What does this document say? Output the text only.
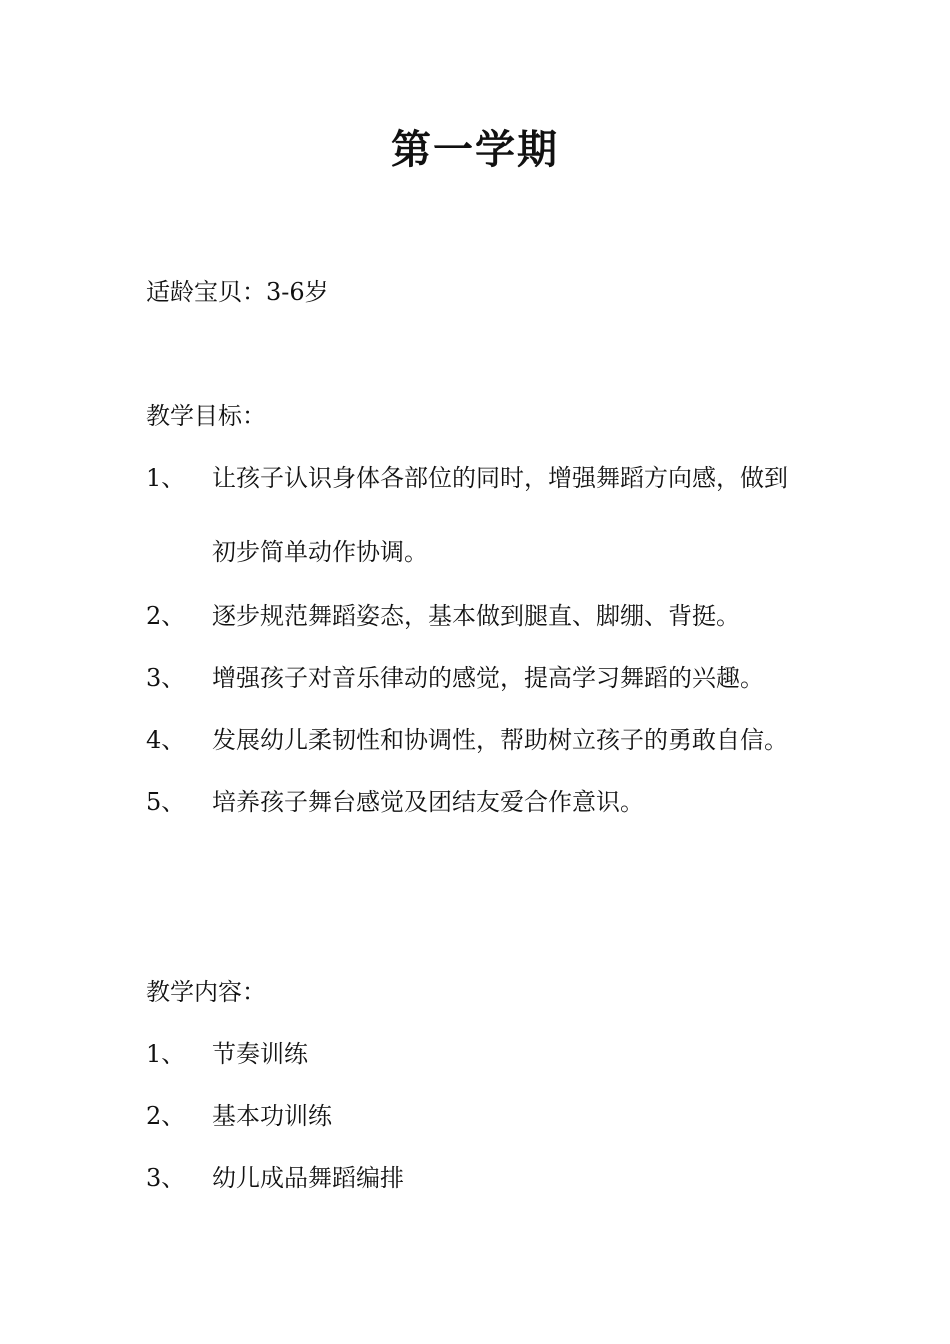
第一学期
适龄宝贝：3-6岁
教学目标：
1、 让孩子认识身体各部位的同时，增强舞蹈方向感，做到
初步简单动作协调。
2、 逐步规范舞蹈姿态，基本做到腿直、脚绷、背挺。
3、 增强孩子对音乐律动的感觉，提高学习舞蹈的兴趣。
4、 发展幼儿柔韧性和协调性，帮助树立孩子的勇敢自信。
5、 培养孩子舞台感觉及团结友爱合作意识。
教学内容：
1、 节奏训练
2、 基本功训练
3、 幼儿成品舞蹈编排
